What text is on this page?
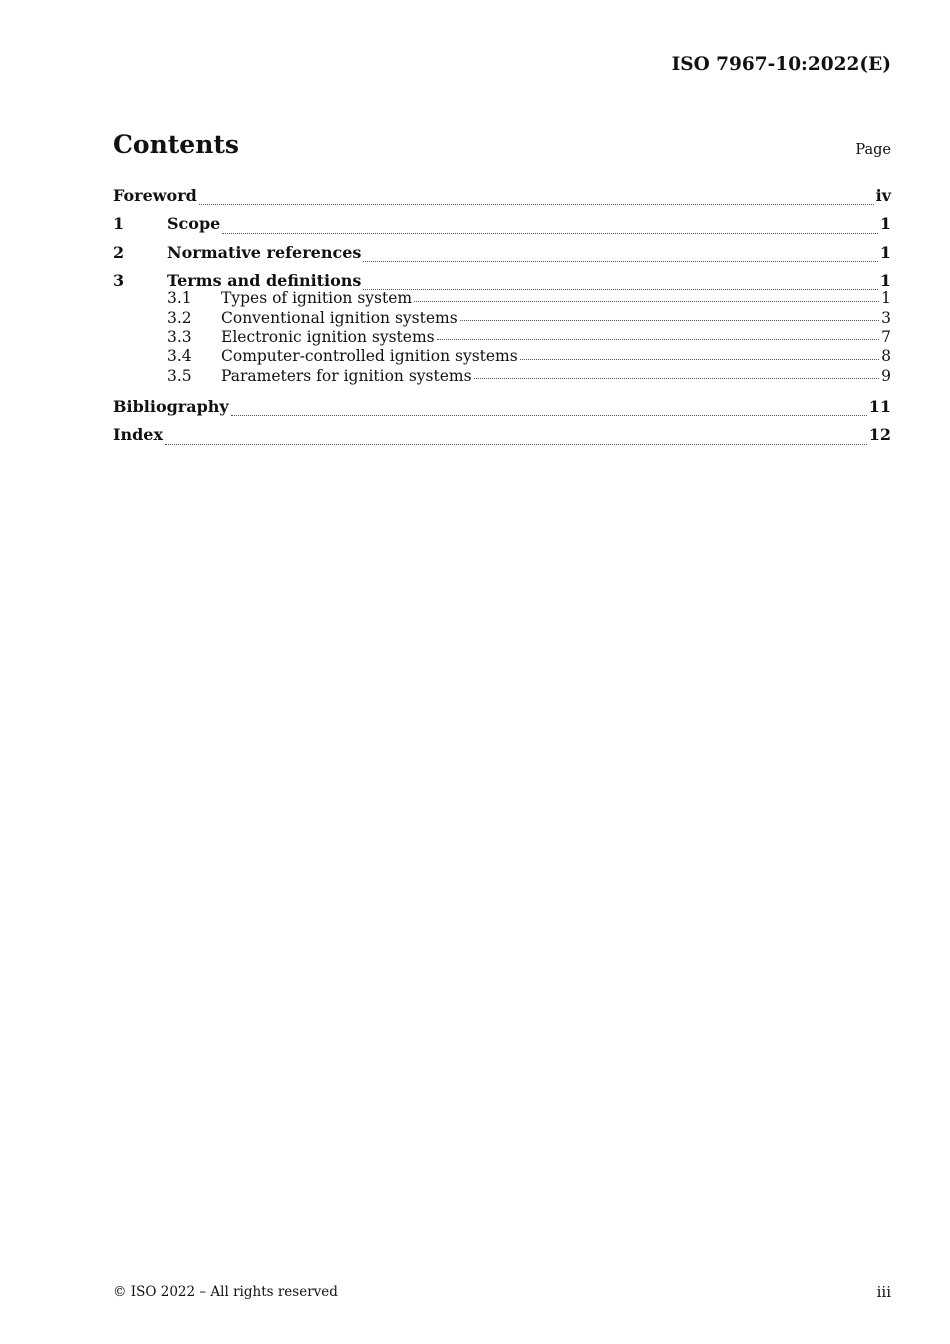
ISO 7967-10:2022(E)
Contents	Page
Foreword	iv
1	Scope	1
2	Normative references	1
3	Terms and definitions	1
3.1	Types of ignition system	1
3.2	Conventional ignition systems	3
3.3	Electronic ignition systems	7
3.4	Computer-controlled ignition systems	8
3.5	Parameters for ignition systems	9
Bibliography	11
Index	12
© ISO 2022 – All rights reserved	iii
